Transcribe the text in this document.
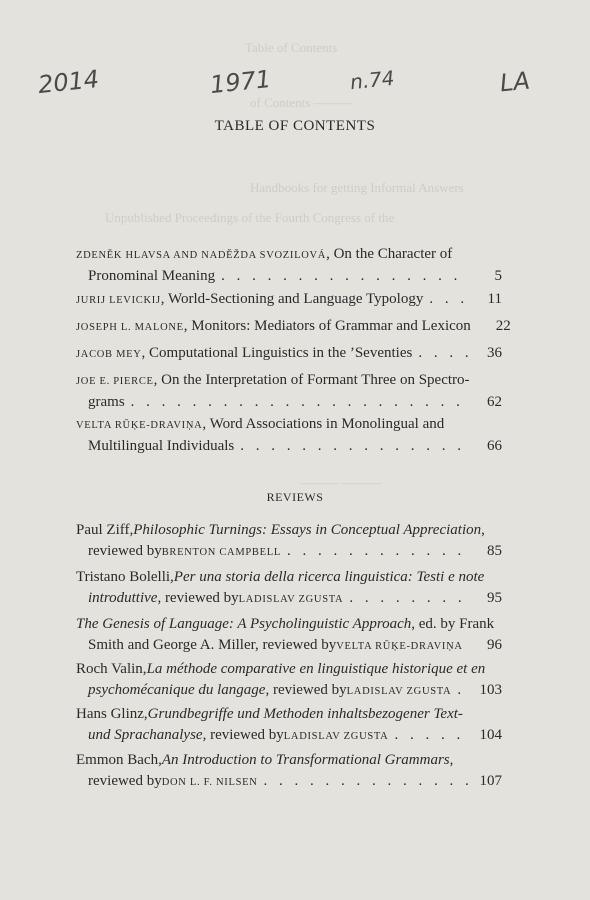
Table of Contents
of Contents ———
Handbooks for getting Informal Answers
Unpublished Proceedings of the Fourth Congress of the
——— ———
2014	1971	n.74	LA
TABLE OF CONTENTS
ZDENĚK HLAVSA AND NADĚŽDA SVOZILOVÁ , On the Character of
Pronominal Meaning . . .	5
JURIJ LEVICKIJ , World-Sectioning and Language Typology . . .	11
JOSEPH L. MALONE , Monitors: Mediators of Grammar and Lexicon	22
JACOB MEY , Computational Linguistics in the ’Seventies . . .	36
JOE E. PIERCE , On the Interpretation of Formant Three on Spectro-
grams . . .	62
VELTA RŪĶE-DRAVIŅA , Word Associations in Monolingual and
Multilingual Individuals . . .	66
REVIEWS
Paul Ziff, Philosophic Turnings: Essays in Conceptual Appreciation ,
reviewed by BRENTON CAMPBELL . . .	85
Tristano Bolelli, Per una storia della ricerca linguistica: Testi e note
introduttive , reviewed by LADISLAV ZGUSTA . . .	95
The Genesis of Language: A Psycholinguistic Approach , ed. by Frank
Smith and George A. Miller, reviewed by VELTA RŪĶE-DRAVIŅA	96
Roch Valin, La méthode comparative en linguistique historique et en
psychomécanique du langage , reviewed by LADISLAV ZGUSTA . . .	103
Hans Glinz, Grundbegriffe und Methoden inhaltsbezogener Text-
und Sprachanalyse , reviewed by LADISLAV ZGUSTA . . .	104
Emmon Bach, An Introduction to Transformational Grammars ,
reviewed by DON L. F. NILSEN . . .	107
